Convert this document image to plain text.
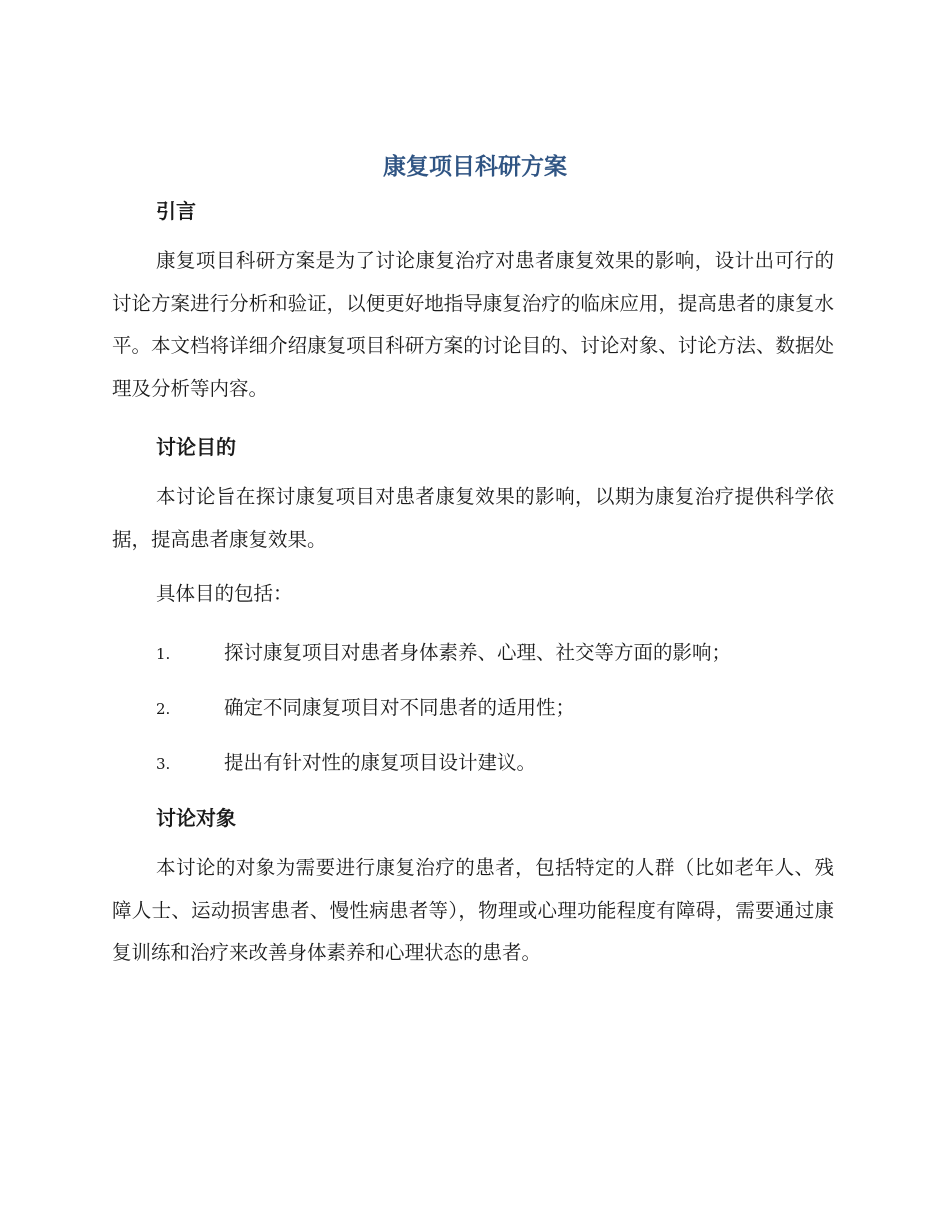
康复项目科研方案
引言

康复项目科研方案是为了讨论康复治疗对患者康复效果的影响，设计出可行的讨论方案进行分析和验证，以便更好地指导康复治疗的临床应用，提高患者的康复水平。本文档将详细介绍康复项目科研方案的讨论目的、讨论对象、讨论方法、数据处理及分析等内容。

讨论目的

本讨论旨在探讨康复项目对患者康复效果的影响，以期为康复治疗提供科学依据，提高患者康复效果。

具体目的包括：

1.	探讨康复项目对患者身体素养、心理、社交等方面的影响；
2.	确定不同康复项目对不同患者的适用性；
3.	提出有针对性的康复项目设计建议。
讨论对象

本讨论的对象为需要进行康复治疗的患者，包括特定的人群（比如老年人、残障人士、运动损害患者、慢性病患者等），物理或心理功能程度有障碍，需要通过康复训练和治疗来改善身体素养和心理状态的患者。
